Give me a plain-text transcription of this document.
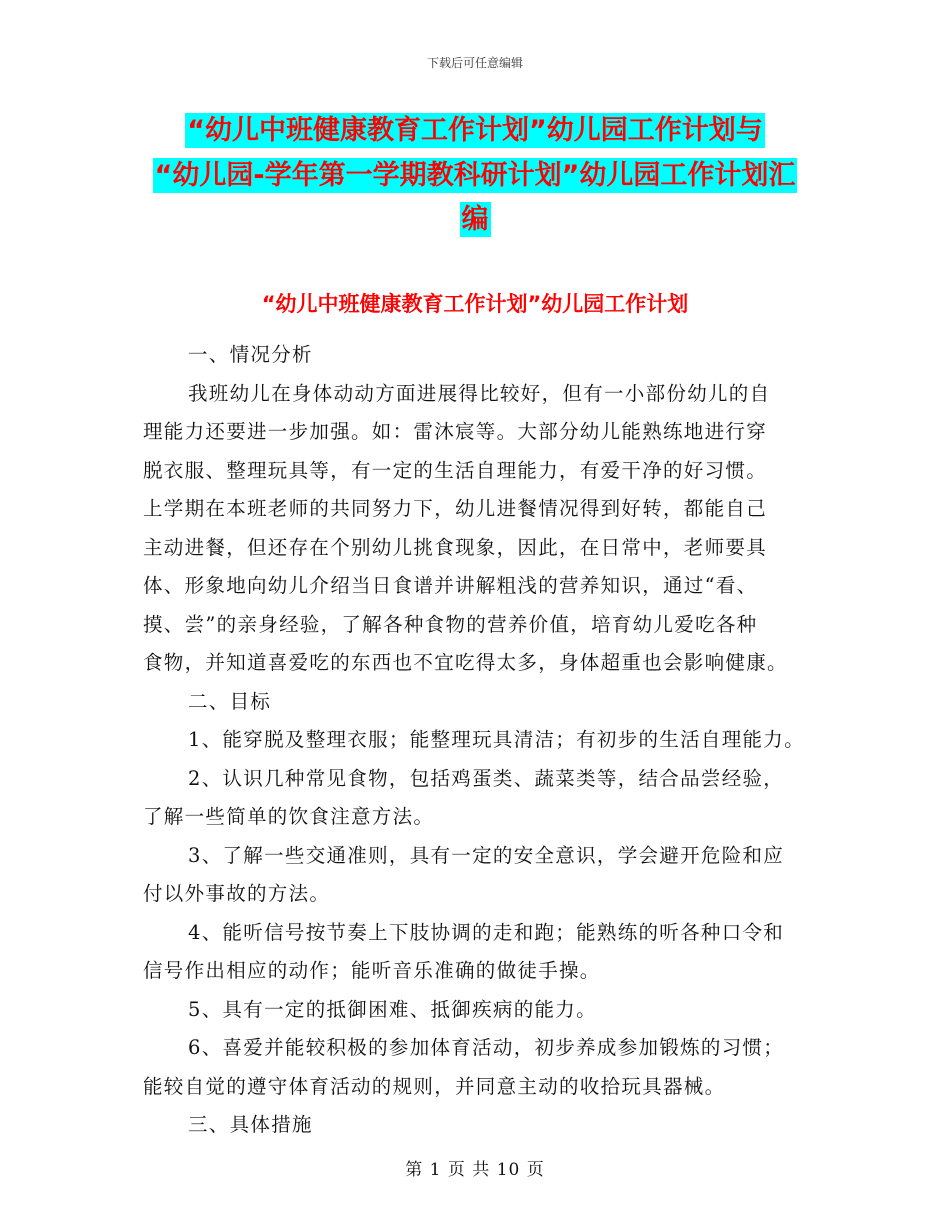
下载后可任意编辑
“幼儿中班健康教育工作计划”幼儿园工作计划与
“幼儿园-学年第一学期教科研计划”幼儿园工作计划汇
编
“幼儿中班健康教育工作计划”幼儿园工作计划
一、情况分析
我班幼儿在身体动动方面进展得比较好，但有一小部份幼儿的自
理能力还要进一步加强。如：雷沐宸等。大部分幼儿能熟练地进行穿
脱衣服、整理玩具等，有一定的生活自理能力，有爱干净的好习惯。
上学期在本班老师的共同努力下，幼儿进餐情况得到好转，都能自己
主动进餐，但还存在个别幼儿挑食现象，因此，在日常中，老师要具
体、形象地向幼儿介绍当日食谱并讲解粗浅的营养知识，通过“看、
摸、尝”的亲身经验，了解各种食物的营养价值，培育幼儿爱吃各种
食物，并知道喜爱吃的东西也不宜吃得太多，身体超重也会影响健康。
二、目标
1、能穿脱及整理衣服；能整理玩具清洁；有初步的生活自理能力。
2、认识几种常见食物，包括鸡蛋类、蔬菜类等，结合品尝经验，
了解一些简单的饮食注意方法。
3、了解一些交通准则，具有一定的安全意识，学会避开危险和应
付以外事故的方法。
4、能听信号按节奏上下肢协调的走和跑；能熟练的听各种口令和
信号作出相应的动作；能听音乐准确的做徒手操。
5、具有一定的抵御困难、抵御疾病的能力。
6、喜爱并能较积极的参加体育活动，初步养成参加锻炼的习惯；
能较自觉的遵守体育活动的规则，并同意主动的收拾玩具器械。
三、具体措施
第 1 页 共 10 页
